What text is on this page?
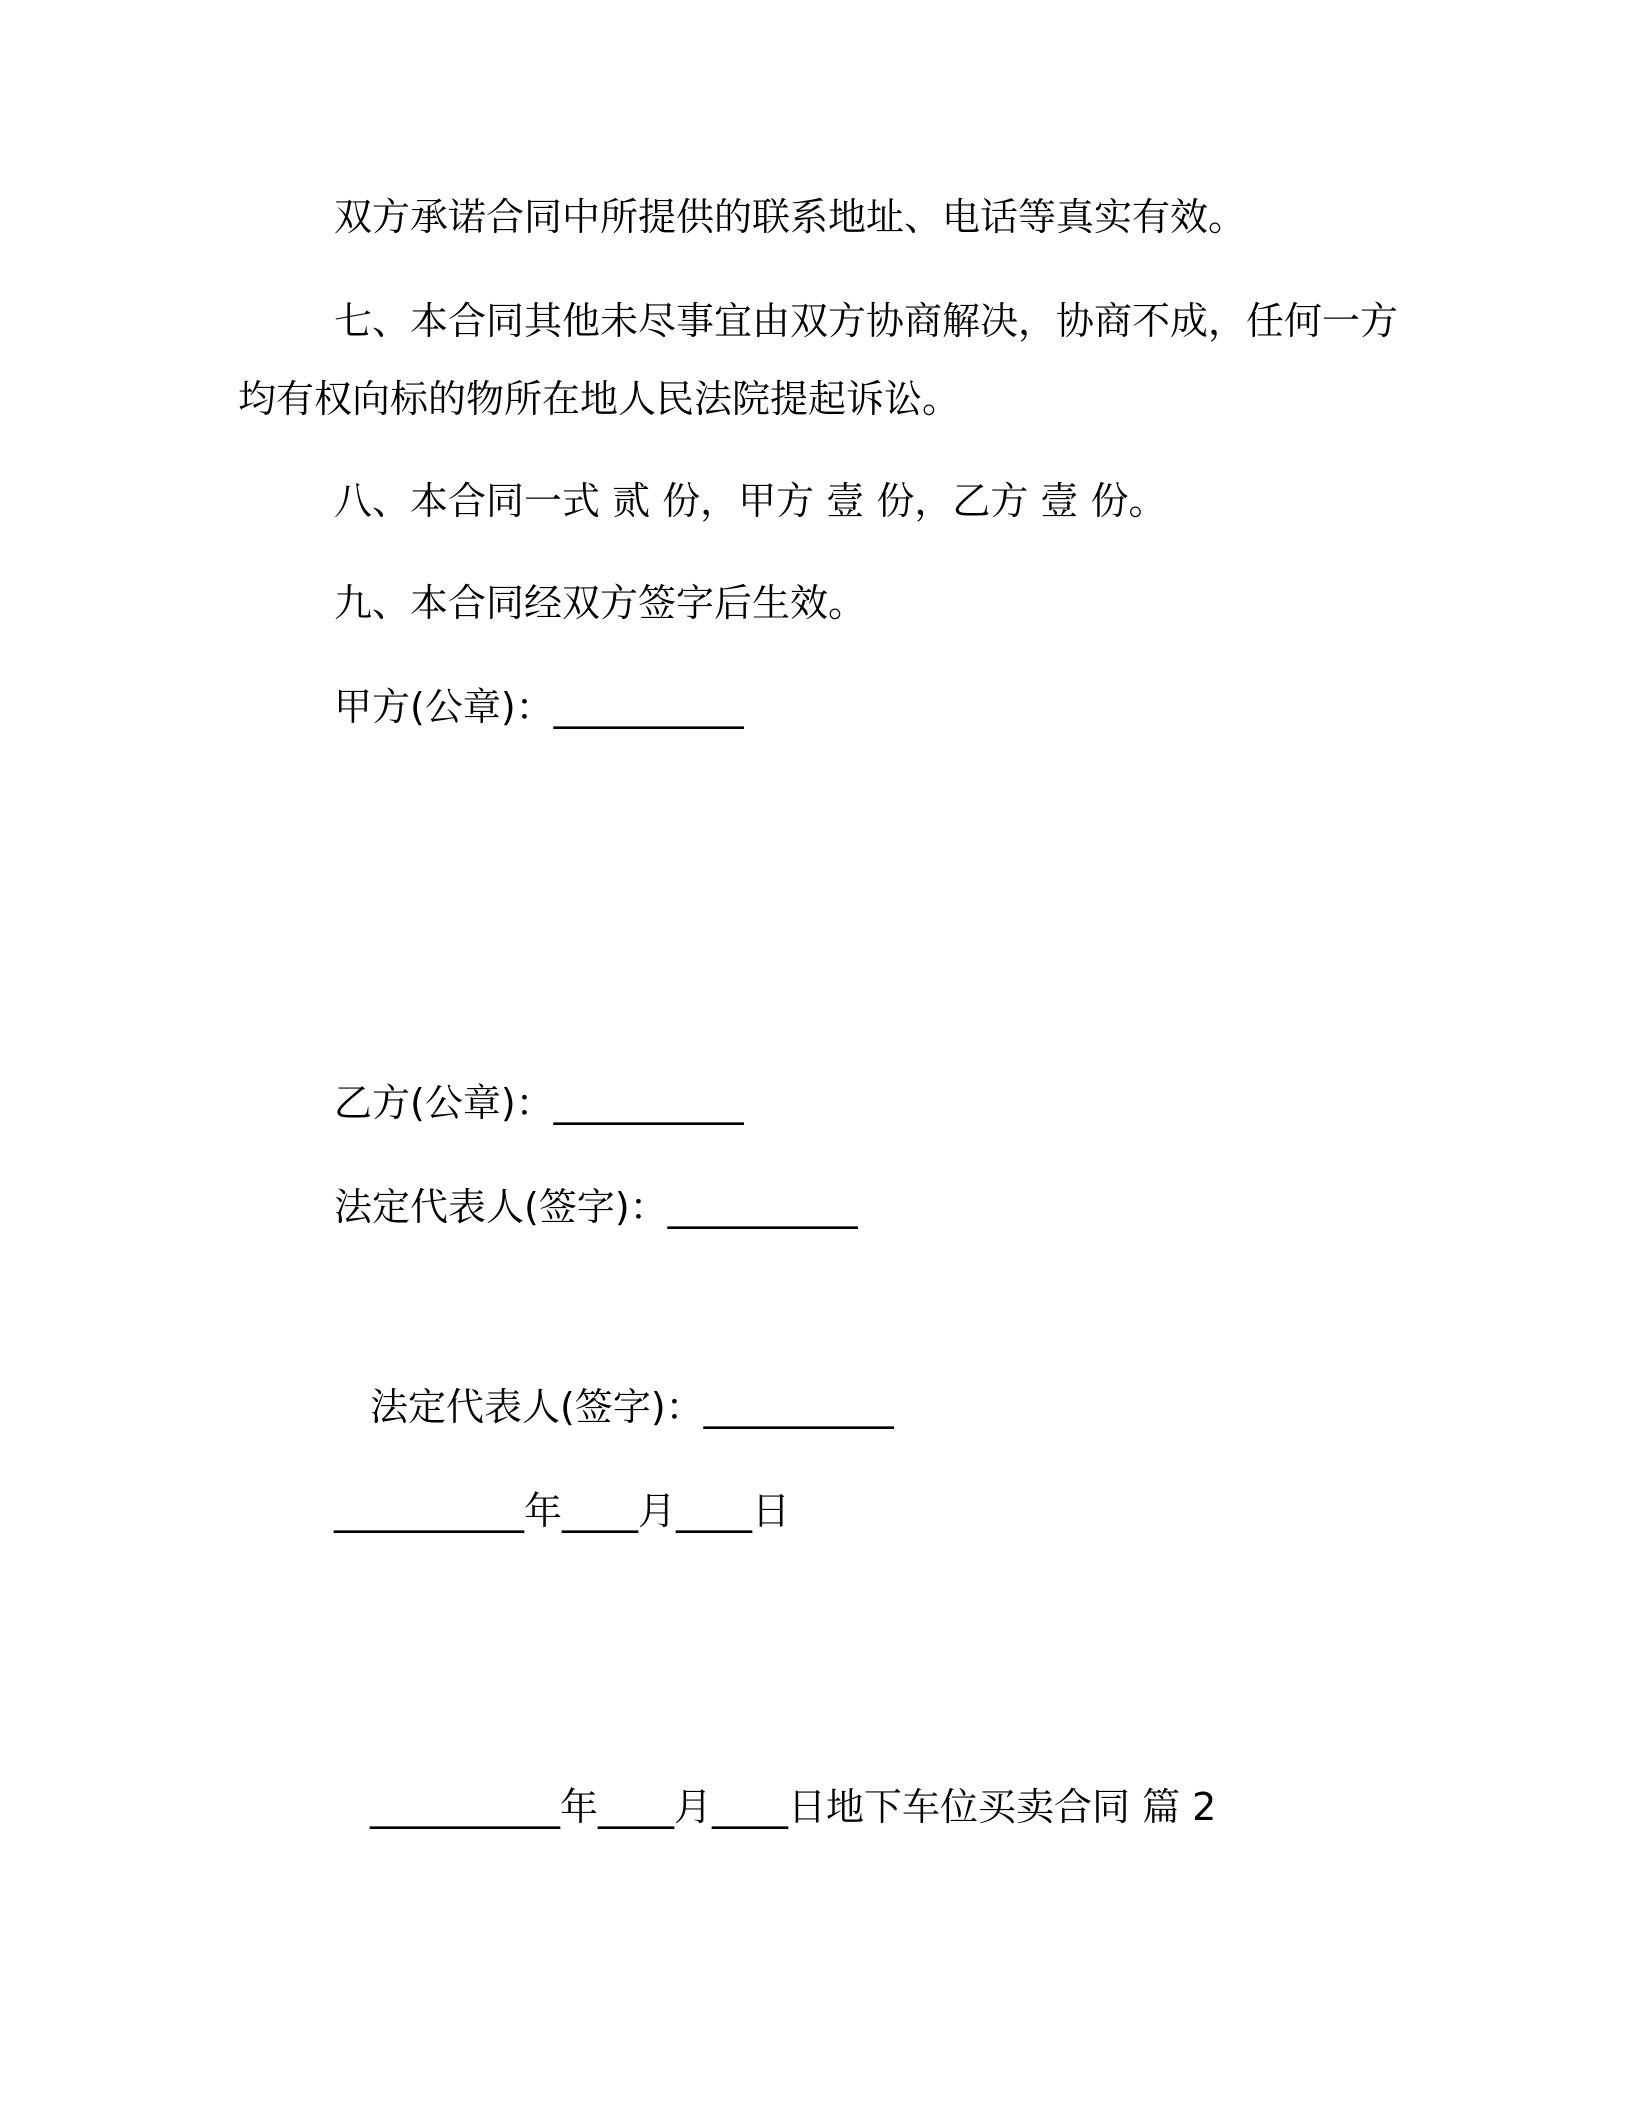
双方承诺合同中所提供的联系地址、电话等真实有效。
七、本合同其他未尽事宜由双方协商解决，协商不成，任何一方
均有权向标的物所在地人民法院提起诉讼。
八、本合同一式 贰 份，甲方 壹 份，乙方 壹 份。
九、本合同经双方签字后生效。
甲方(公章)：__________
乙方(公章)：__________
法定代表人(签字)：__________
法定代表人(签字)：__________
__________年____月____日
__________年____月____日地下车位买卖合同 篇 2
